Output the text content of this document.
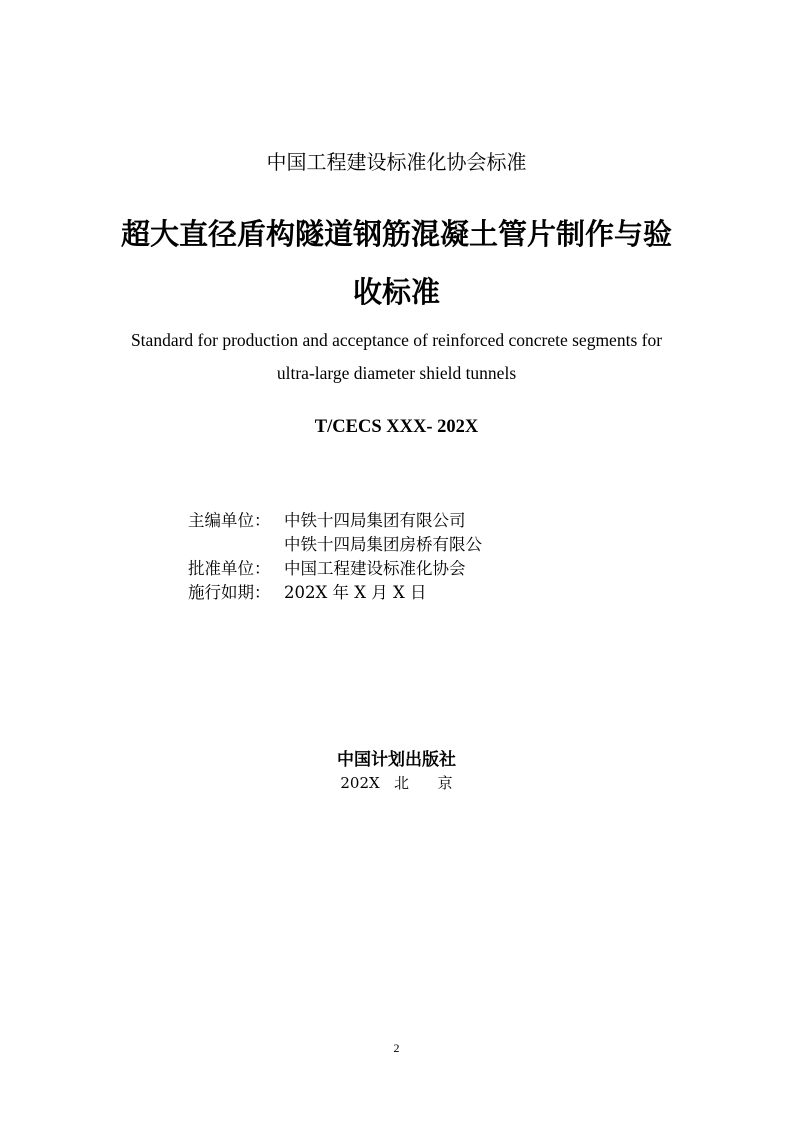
中国工程建设标准化协会标准
超大直径盾构隧道钢筋混凝土管片制作与验
收标准
Standard for production and acceptance of reinforced concrete segments for
ultra-large diameter shield tunnels
T/CECS XXX- 202X
主编单位： 中铁十四局集团有限公司
中铁十四局集团房桥有限公
批准单位： 中国工程建设标准化协会
施行如期： 202X 年 X 月 X 日
中国计划出版社
202X   北      京
2
